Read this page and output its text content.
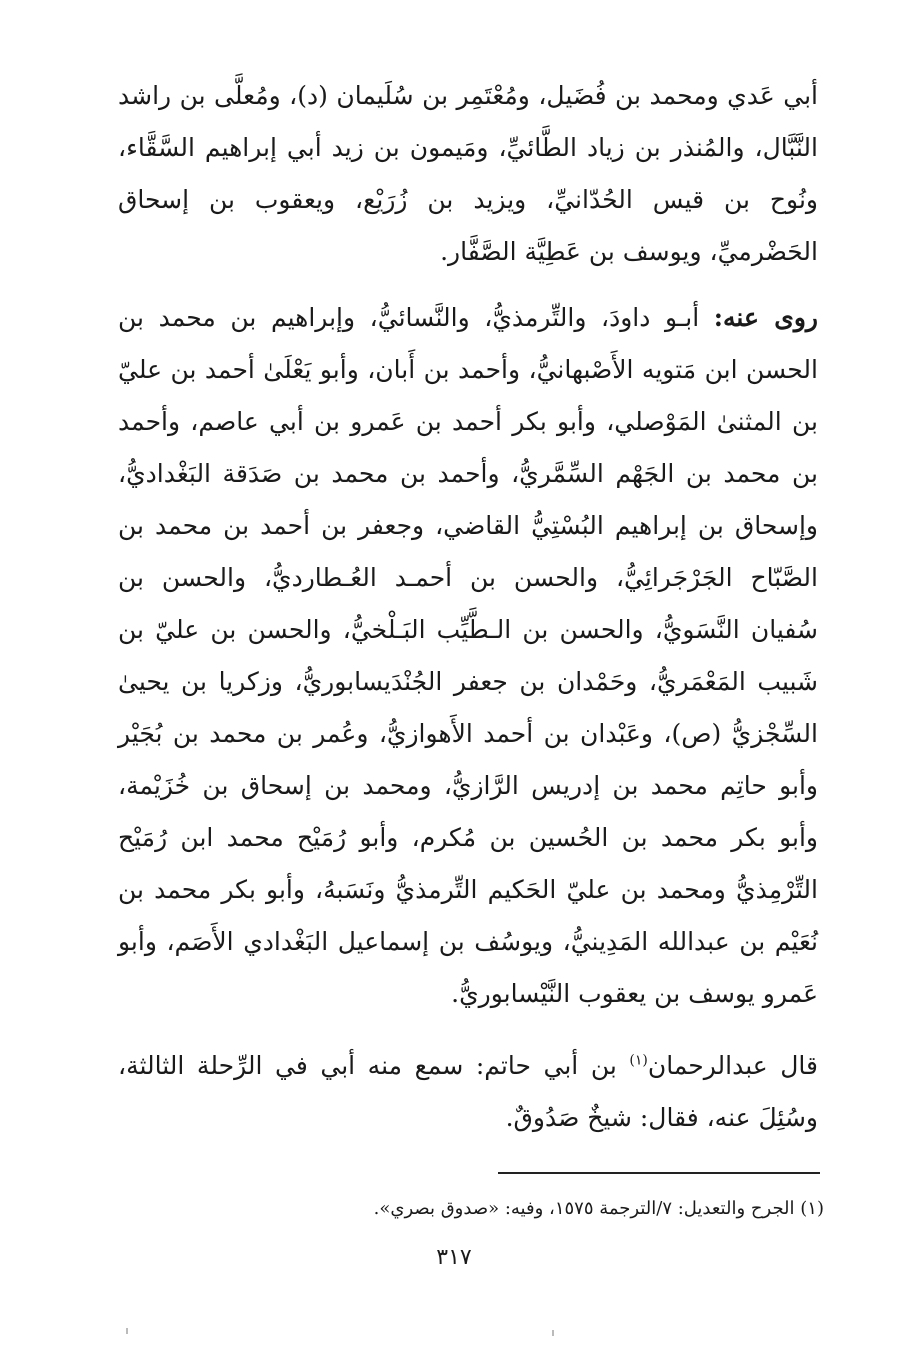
أبي عَدي ومحمد بن فُضَيل، ومُعْتَمِر بن سُلَيمان (د)، ومُعلَّى بن راشد النَّبَّال، والمُنذر بن زياد الطَّائيِّ، ومَيمون بن زيد أبي إبراهيم السَّقَّاء، ونُوح بن قيس الحُدّانيِّ، ويزيد بن زُرَيْع، ويعقوب بن إسحاق الحَضْرميِّ، ويوسف بن عَطِيَّة الصَّفَّار.

روى عنه: أبـو داودَ، والتِّرمذيُّ، والنَّسائيُّ، وإبراهيم بن محمد بن الحسن ابن مَتويه الأَصْبهانيُّ، وأحمد بن أَبان، وأبو يَعْلَىٰ أحمد بن عليّ بن المثنىٰ المَوْصلي، وأبو بكر أحمد بن عَمرو بن أبي عاصم، وأحمد بن محمد بن الجَهْم السِّمَّريُّ، وأحمد بن محمد بن صَدَقة البَغْداديُّ، وإسحاق بن إبراهيم البُسْتِيُّ القاضي، وجعفر بن أحمد بن محمد بن الصَّبّاح الجَرْجَرائِيُّ، والحسن بن أحمـد العُـطارديُّ، والحسن بن سُفيان النَّسَويُّ، والحسن بن الـطَّيِّب البَـلْخيُّ، والحسن بن عليّ بن شَبيب المَعْمَريُّ، وحَمْدان بن جعفر الجُنْدَيسابوريُّ، وزكريا بن يحيىٰ السِّجْزيُّ (ص)، وعَبْدان بن أحمد الأَهوازيُّ، وعُمر بن محمد بن بُجَيْر وأبو حاتِم محمد بن إدريس الرَّازيُّ، ومحمد بن إسحاق بن خُزَيْمة، وأبو بكر محمد بن الحُسين بن مُكرم، وأبو رُمَيْح محمد ابن رُمَيْح التِّرْمِذيُّ ومحمد بن عليّ الحَكيم التِّرمذيُّ ونَسَبهُ، وأبو بكر محمد بن نُعَيْم بن عبدالله المَدِينيُّ، ويوسُف بن إسماعيل البَغْدادي الأَصَم، وأبو عَمرو يوسف بن يعقوب النَّيْسابوريُّ.

قال عبدالرحمان$^{(١)}$ بن أبي حاتم: سمع منه أبي في الرِّحلة الثالثة، وسُئِلَ عنه، فقال: شيخٌ صَدُوقٌ.

(١) الجرح والتعديل: ٧/الترجمة ١٥٧٥، وفيه: «صدوق بصري».
٣١٧
